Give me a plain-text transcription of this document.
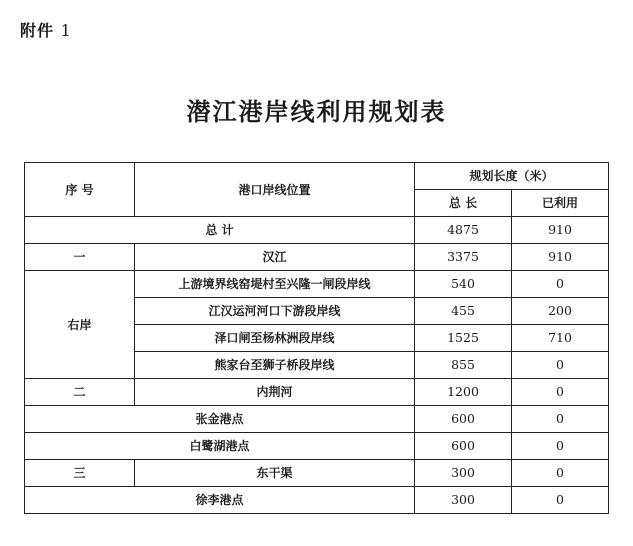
附件 1
潜江港岸线利用规划表
序 号	港口岸线位置	规划长度（米）	
		总 长	已利用
总 计		4875	910
一	汉江	3375	910
右岸	上游境界线窑堤村至兴隆一闸段岸线	540	0
	江汉运河河口下游段岸线	455	200
	泽口闸至杨林洲段岸线	1525	710
	熊家台至狮子桥段岸线	855	0
二	内荆河	1200	0
张金港点		600	0
白鹭湖港点		600	0
三	东干渠	300	0
徐李港点		300	0
